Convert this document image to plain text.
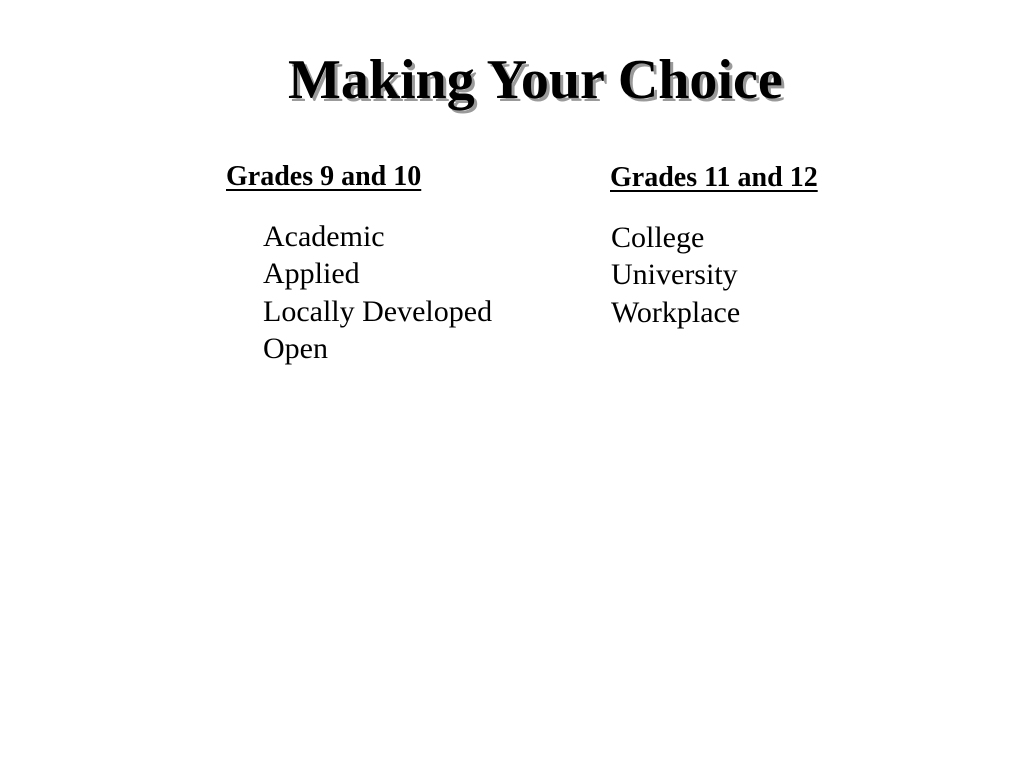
Making Your Choice
Grades 9 and 10
Academic
Applied
Locally Developed
Open
Grades 11 and 12
College
University
Workplace
